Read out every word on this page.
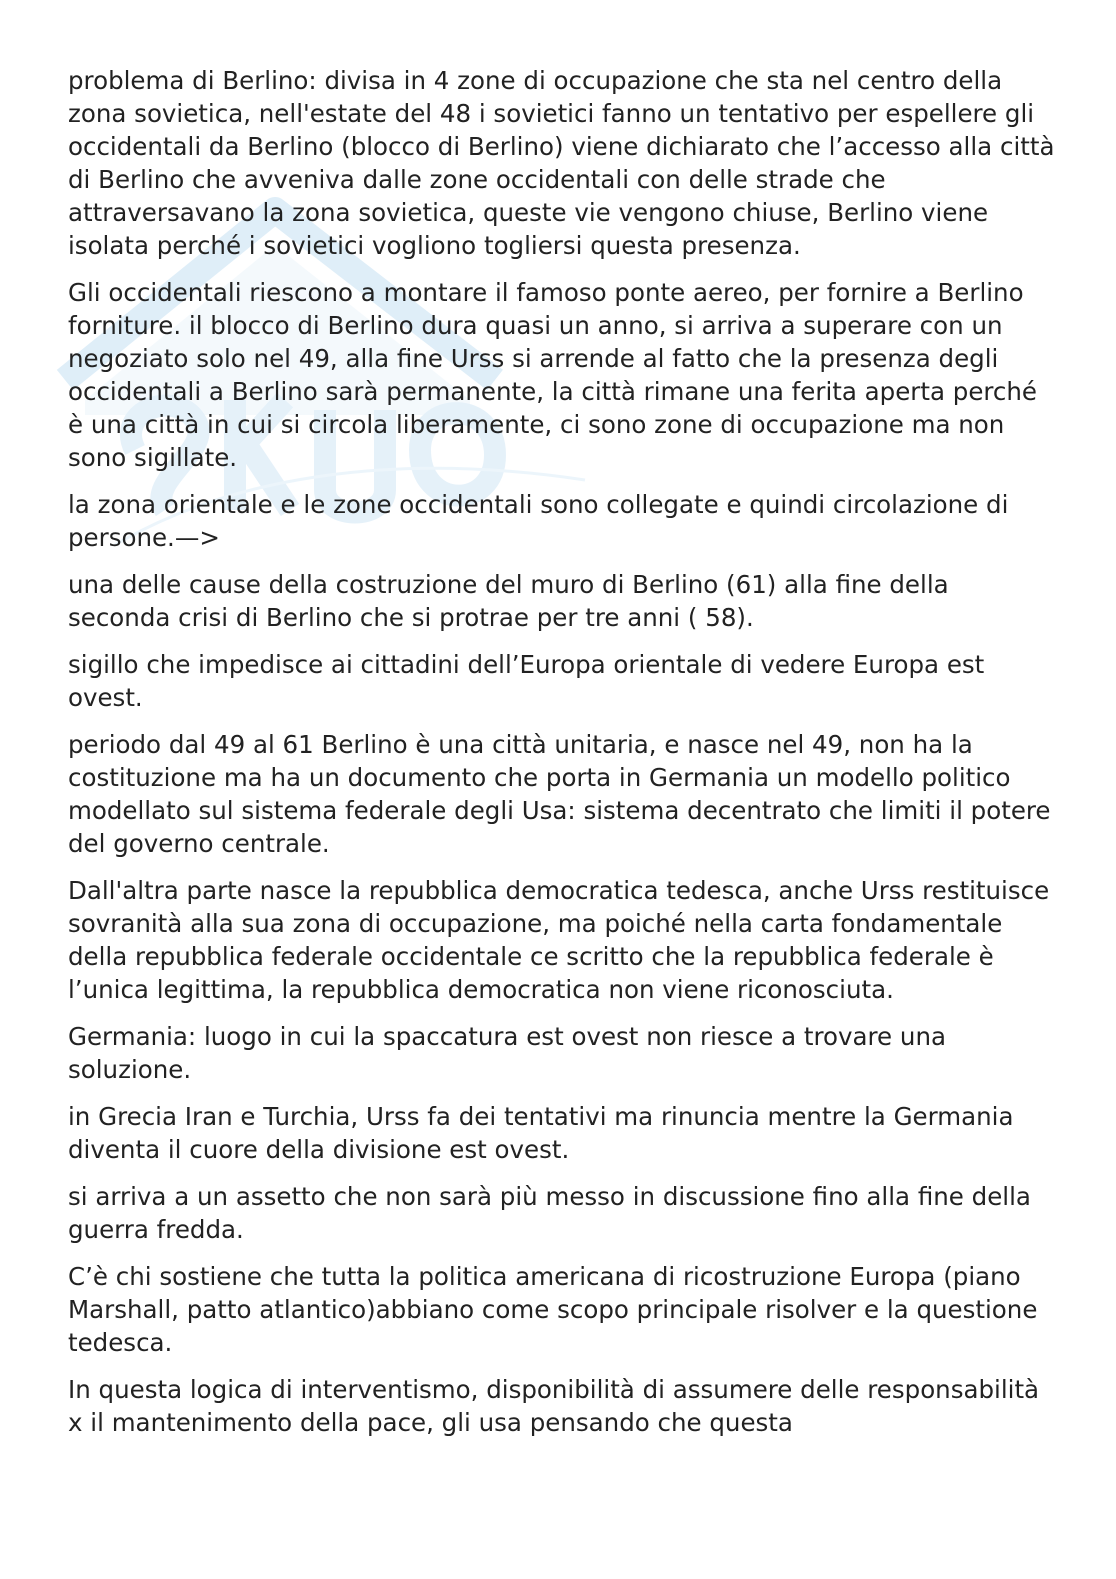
problema di Berlino: divisa in 4 zone di occupazione che sta nel centro della zona sovietica, nell'estate del 48 i sovietici fanno un tentativo per espellere gli occidentali da Berlino (blocco di Berlino) viene dichiarato che l’accesso alla città di Berlino che avveniva dalle zone occidentali con delle strade che attraversavano la zona sovietica, queste vie vengono chiuse, Berlino viene isolata perché i sovietici vogliono togliersi questa presenza.

Gli occidentali riescono a montare il famoso ponte aereo, per fornire a Berlino forniture. il blocco di Berlino dura quasi un anno, si arriva a superare con un negoziato solo nel 49, alla fine Urss si arrende al fatto che la presenza degli occidentali a Berlino sarà permanente, la città rimane una ferita aperta perché è una città in cui si circola liberamente, ci sono zone di occupazione ma non sono sigillate.

la zona orientale e le zone occidentali sono collegate e quindi circolazione di persone.—>

una delle cause della costruzione del muro di Berlino (61) alla fine della seconda crisi di Berlino che si protrae per tre anni ( 58).

sigillo che impedisce ai cittadini dell’Europa orientale di vedere Europa est ovest.

periodo dal 49 al 61 Berlino è una città unitaria, e nasce nel 49, non ha la costituzione ma ha un documento che porta in Germania un modello politico modellato sul sistema federale degli Usa: sistema decentrato che limiti il potere del governo centrale.

Dall'altra parte nasce la repubblica democratica tedesca, anche Urss restituisce sovranità alla sua zona di occupazione, ma poiché nella carta fondamentale della repubblica federale occidentale ce scritto che la repubblica federale è l’unica legittima, la repubblica democratica non viene riconosciuta.

Germania: luogo in cui la spaccatura est ovest non riesce a trovare una soluzione.

in Grecia Iran e Turchia, Urss fa dei tentativi ma rinuncia mentre la Germania diventa il cuore della divisione est ovest.

si arriva a un assetto che non sarà più messo in discussione fino alla fine della guerra fredda.

C’è chi sostiene che tutta la politica americana di ricostruzione Europa (piano Marshall, patto atlantico)abbiano come scopo principale risolver e la questione tedesca.

In questa logica di interventismo, disponibilità di assumere delle responsabilità x il mantenimento della pace, gli usa pensando che questa
